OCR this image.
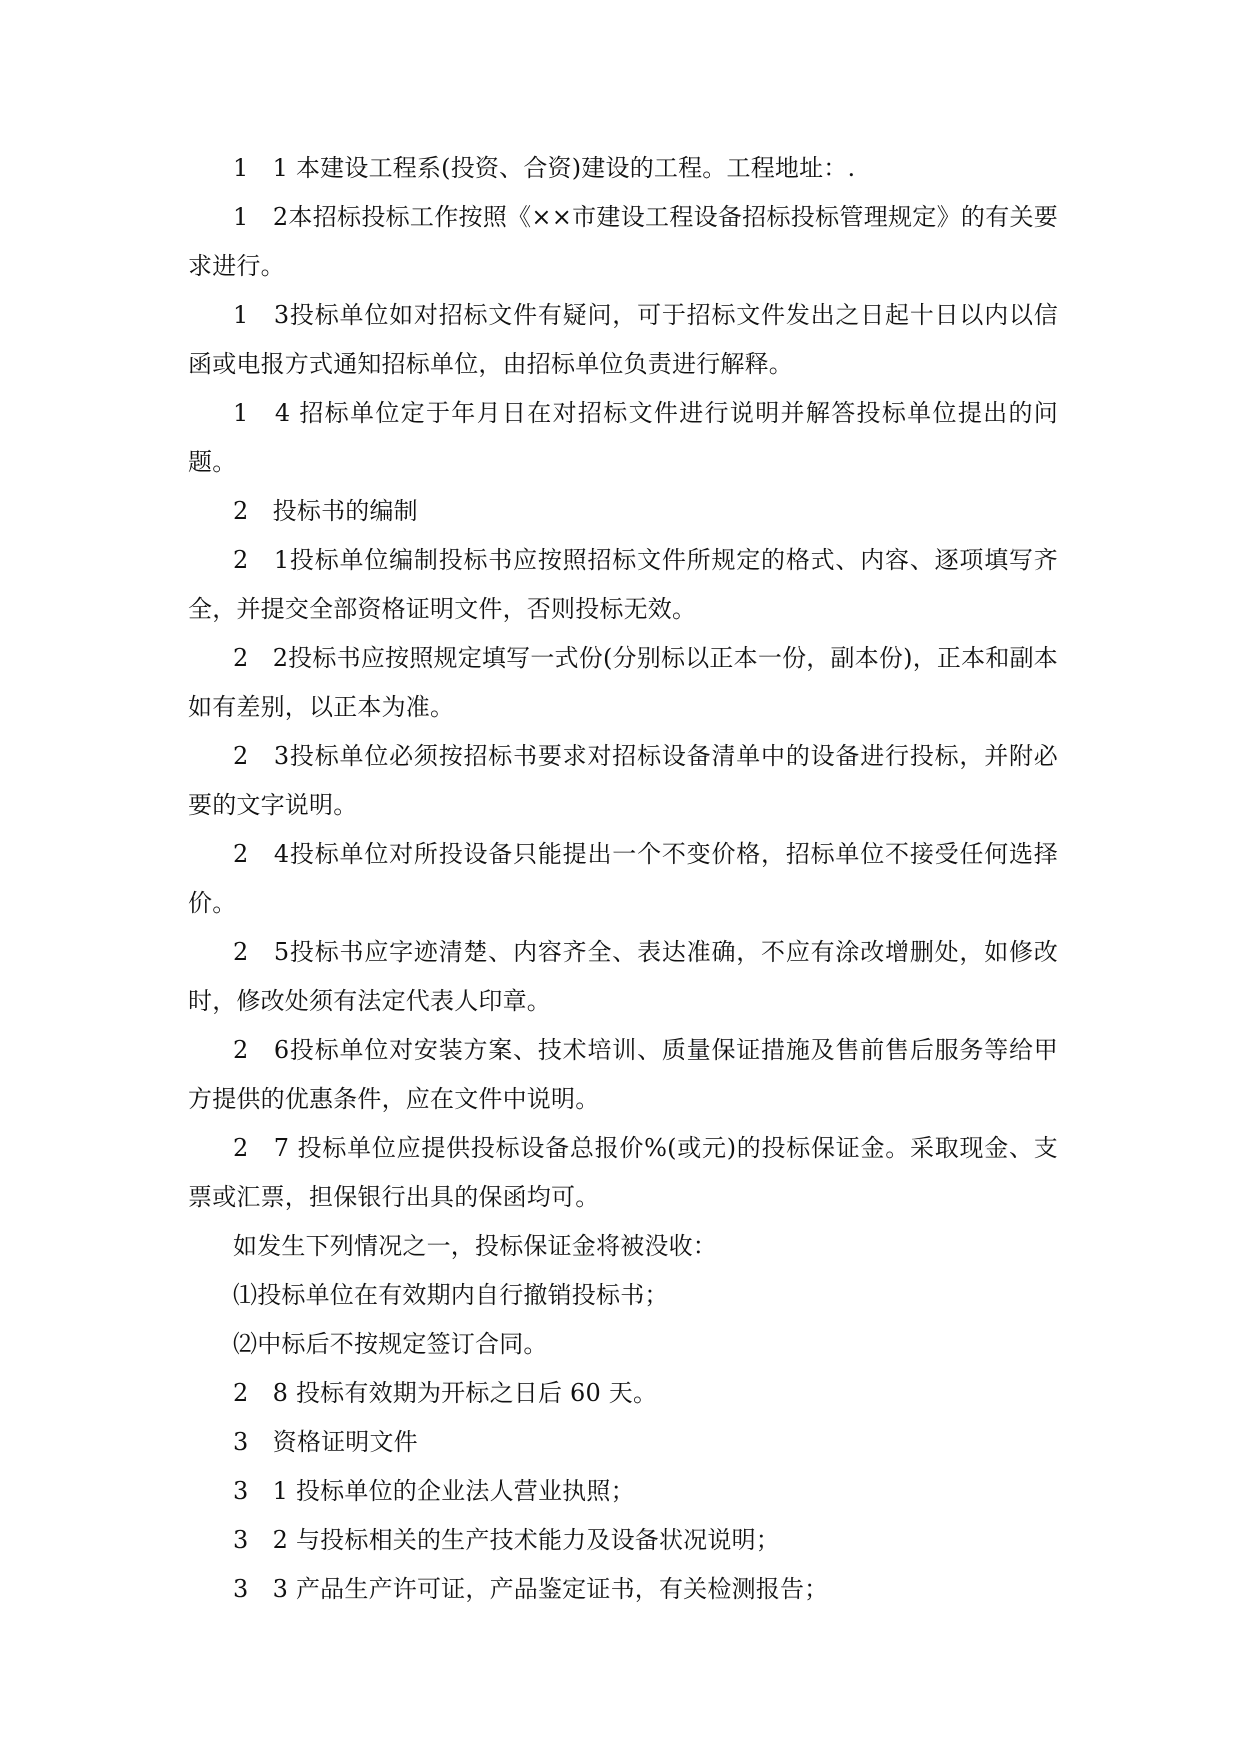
1　1 本建设工程系(投资、合资)建设的工程。工程地址：.

1　2本招标投标工作按照《××市建设工程设备招标投标管理规定》的有关要求进行。

1　3投标单位如对招标文件有疑问，可于招标文件发出之日起十日以内以信函或电报方式通知招标单位，由招标单位负责进行解释。

1　4 招标单位定于年月日在对招标文件进行说明并解答投标单位提出的问题。

2　投标书的编制

2　1投标单位编制投标书应按照招标文件所规定的格式、内容、逐项填写齐全，并提交全部资格证明文件，否则投标无效。

2　2投标书应按照规定填写一式份(分别标以正本一份，副本份)，正本和副本如有差别，以正本为准。

2　3投标单位必须按招标书要求对招标设备清单中的设备进行投标，并附必要的文字说明。

2　4投标单位对所投设备只能提出一个不变价格，招标单位不接受任何选择价。

2　5投标书应字迹清楚、内容齐全、表达准确，不应有涂改增删处，如修改时，修改处须有法定代表人印章。

2　6投标单位对安装方案、技术培训、质量保证措施及售前售后服务等给甲方提供的优惠条件，应在文件中说明。

2　7 投标单位应提供投标设备总报价%(或元)的投标保证金。采取现金、支票或汇票，担保银行出具的保函均可。

如发生下列情况之一，投标保证金将被没收：

⑴投标单位在有效期内自行撤销投标书；

⑵中标后不按规定签订合同。

2　8 投标有效期为开标之日后 60 天。

3　资格证明文件

3　1 投标单位的企业法人营业执照；

3　2 与投标相关的生产技术能力及设备状况说明；

3　3 产品生产许可证，产品鉴定证书，有关检测报告；
